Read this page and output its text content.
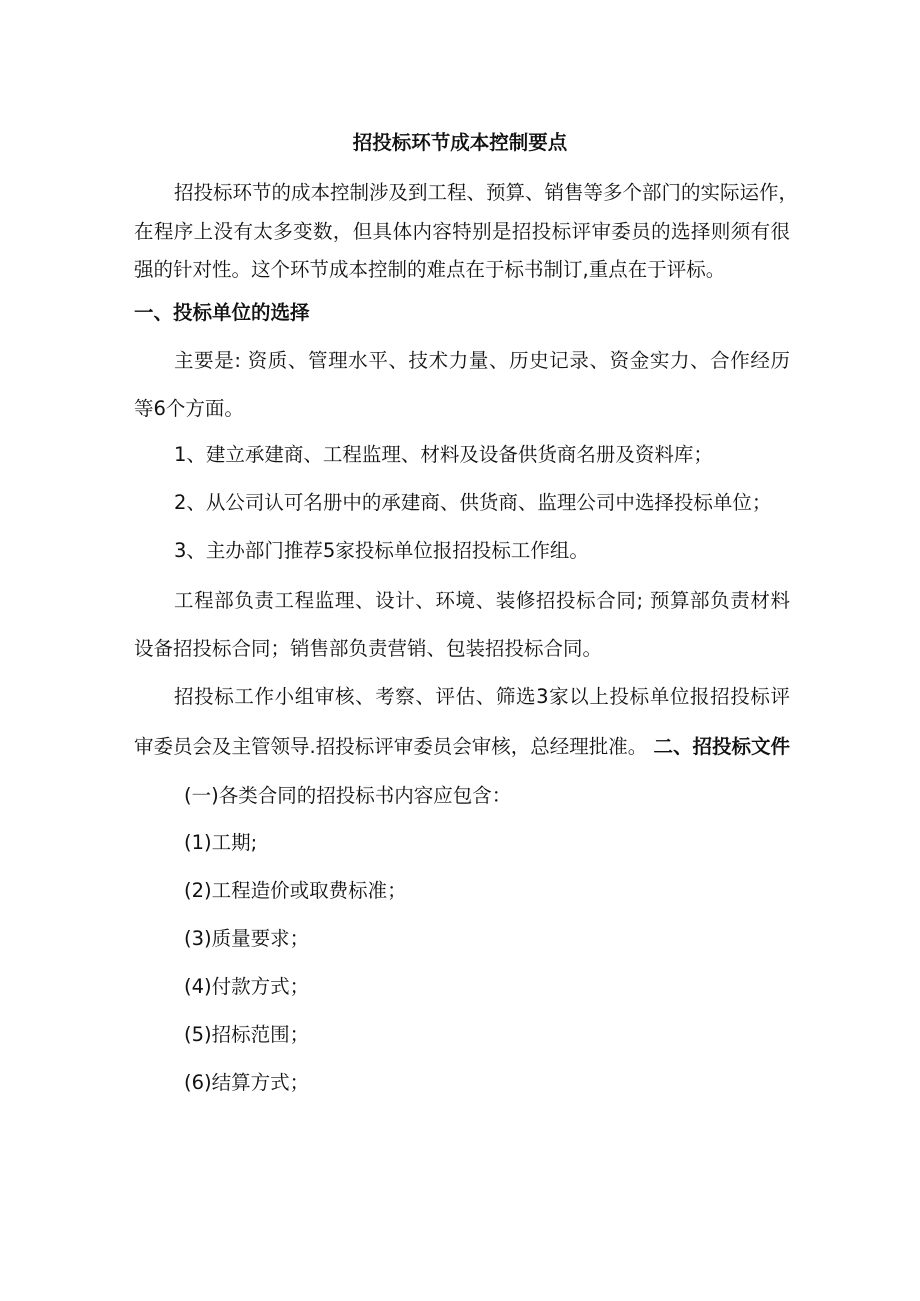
招投标环节成本控制要点
招投标环节的成本控制涉及到工程、预算、销售等多个部门的实际运作，
在程序上没有太多变数，但具体内容特别是招投标评审委员的选择则须有很
强的针对性。这个环节成本控制的难点在于标书制订,重点在于评标。
一、投标单位的选择
主要是: 资质、管理水平、技术力量、历史记录、资金实力、合作经历
等6个方面。
1、建立承建商、工程监理、材料及设备供货商名册及资料库；
2、从公司认可名册中的承建商、供货商、监理公司中选择投标单位；
3、主办部门推荐5家投标单位报招投标工作组。
工程部负责工程监理、设计、环境、装修招投标合同; 预算部负责材料
设备招投标合同；销售部负责营销、包装招投标合同。
招投标工作小组审核、考察、评估、筛选3家以上投标单位报招投标评
审委员会及主管领导.招投标评审委员会审核，总经理批准。 二、招投标文件
(一)各类合同的招投标书内容应包含：
(1)工期;
(2)工程造价或取费标准；
(3)质量要求；
(4)付款方式；
(5)招标范围；
(6)结算方式；
